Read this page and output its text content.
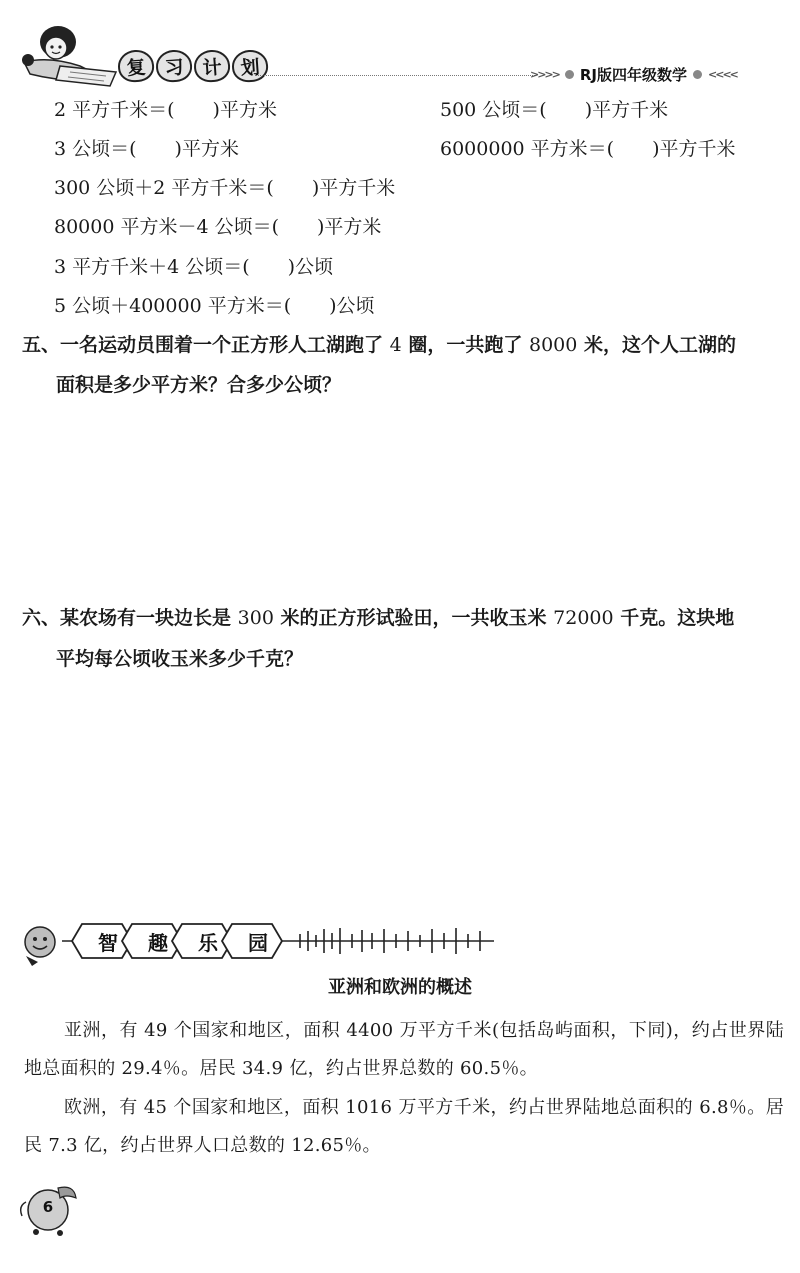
复 习 计 划	>>>> RJ版四年级数学 <<<<
2 平方千米＝(　　)平方米	500 公顷＝(　　)平方千米
3 公顷＝(　　)平方米	6000000 平方米＝(　　)平方千米
300 公顷＋2 平方千米＝(　　)平方千米
80000 平方米－4 公顷＝(　　)平方米
3 平方千米＋4 公顷＝(　　)公顷
5 公顷＋400000 平方米＝(　　)公顷
五、一名运动员围着一个正方形人工湖跑了 4 圈，一共跑了 8000 米，这个人工湖的
面积是多少平方米？合多少公顷？
六、某农场有一块边长是 300 米的正方形试验田，一共收玉米 72000 千克。这块地
平均每公顷收玉米多少千克？
智	趣	乐	园
亚洲和欧洲的概述
亚洲，有 49 个国家和地区，面积 4400 万平方千米(包括岛屿面积，下同)，约占世界陆地总面积的 29.4％。居民 34.9 亿，约占世界总数的 60.5％。
欧洲，有 45 个国家和地区，面积 1016 万平方千米，约占世界陆地总面积的 6.8％。居民 7.3 亿，约占世界人口总数的 12.65％。
6
